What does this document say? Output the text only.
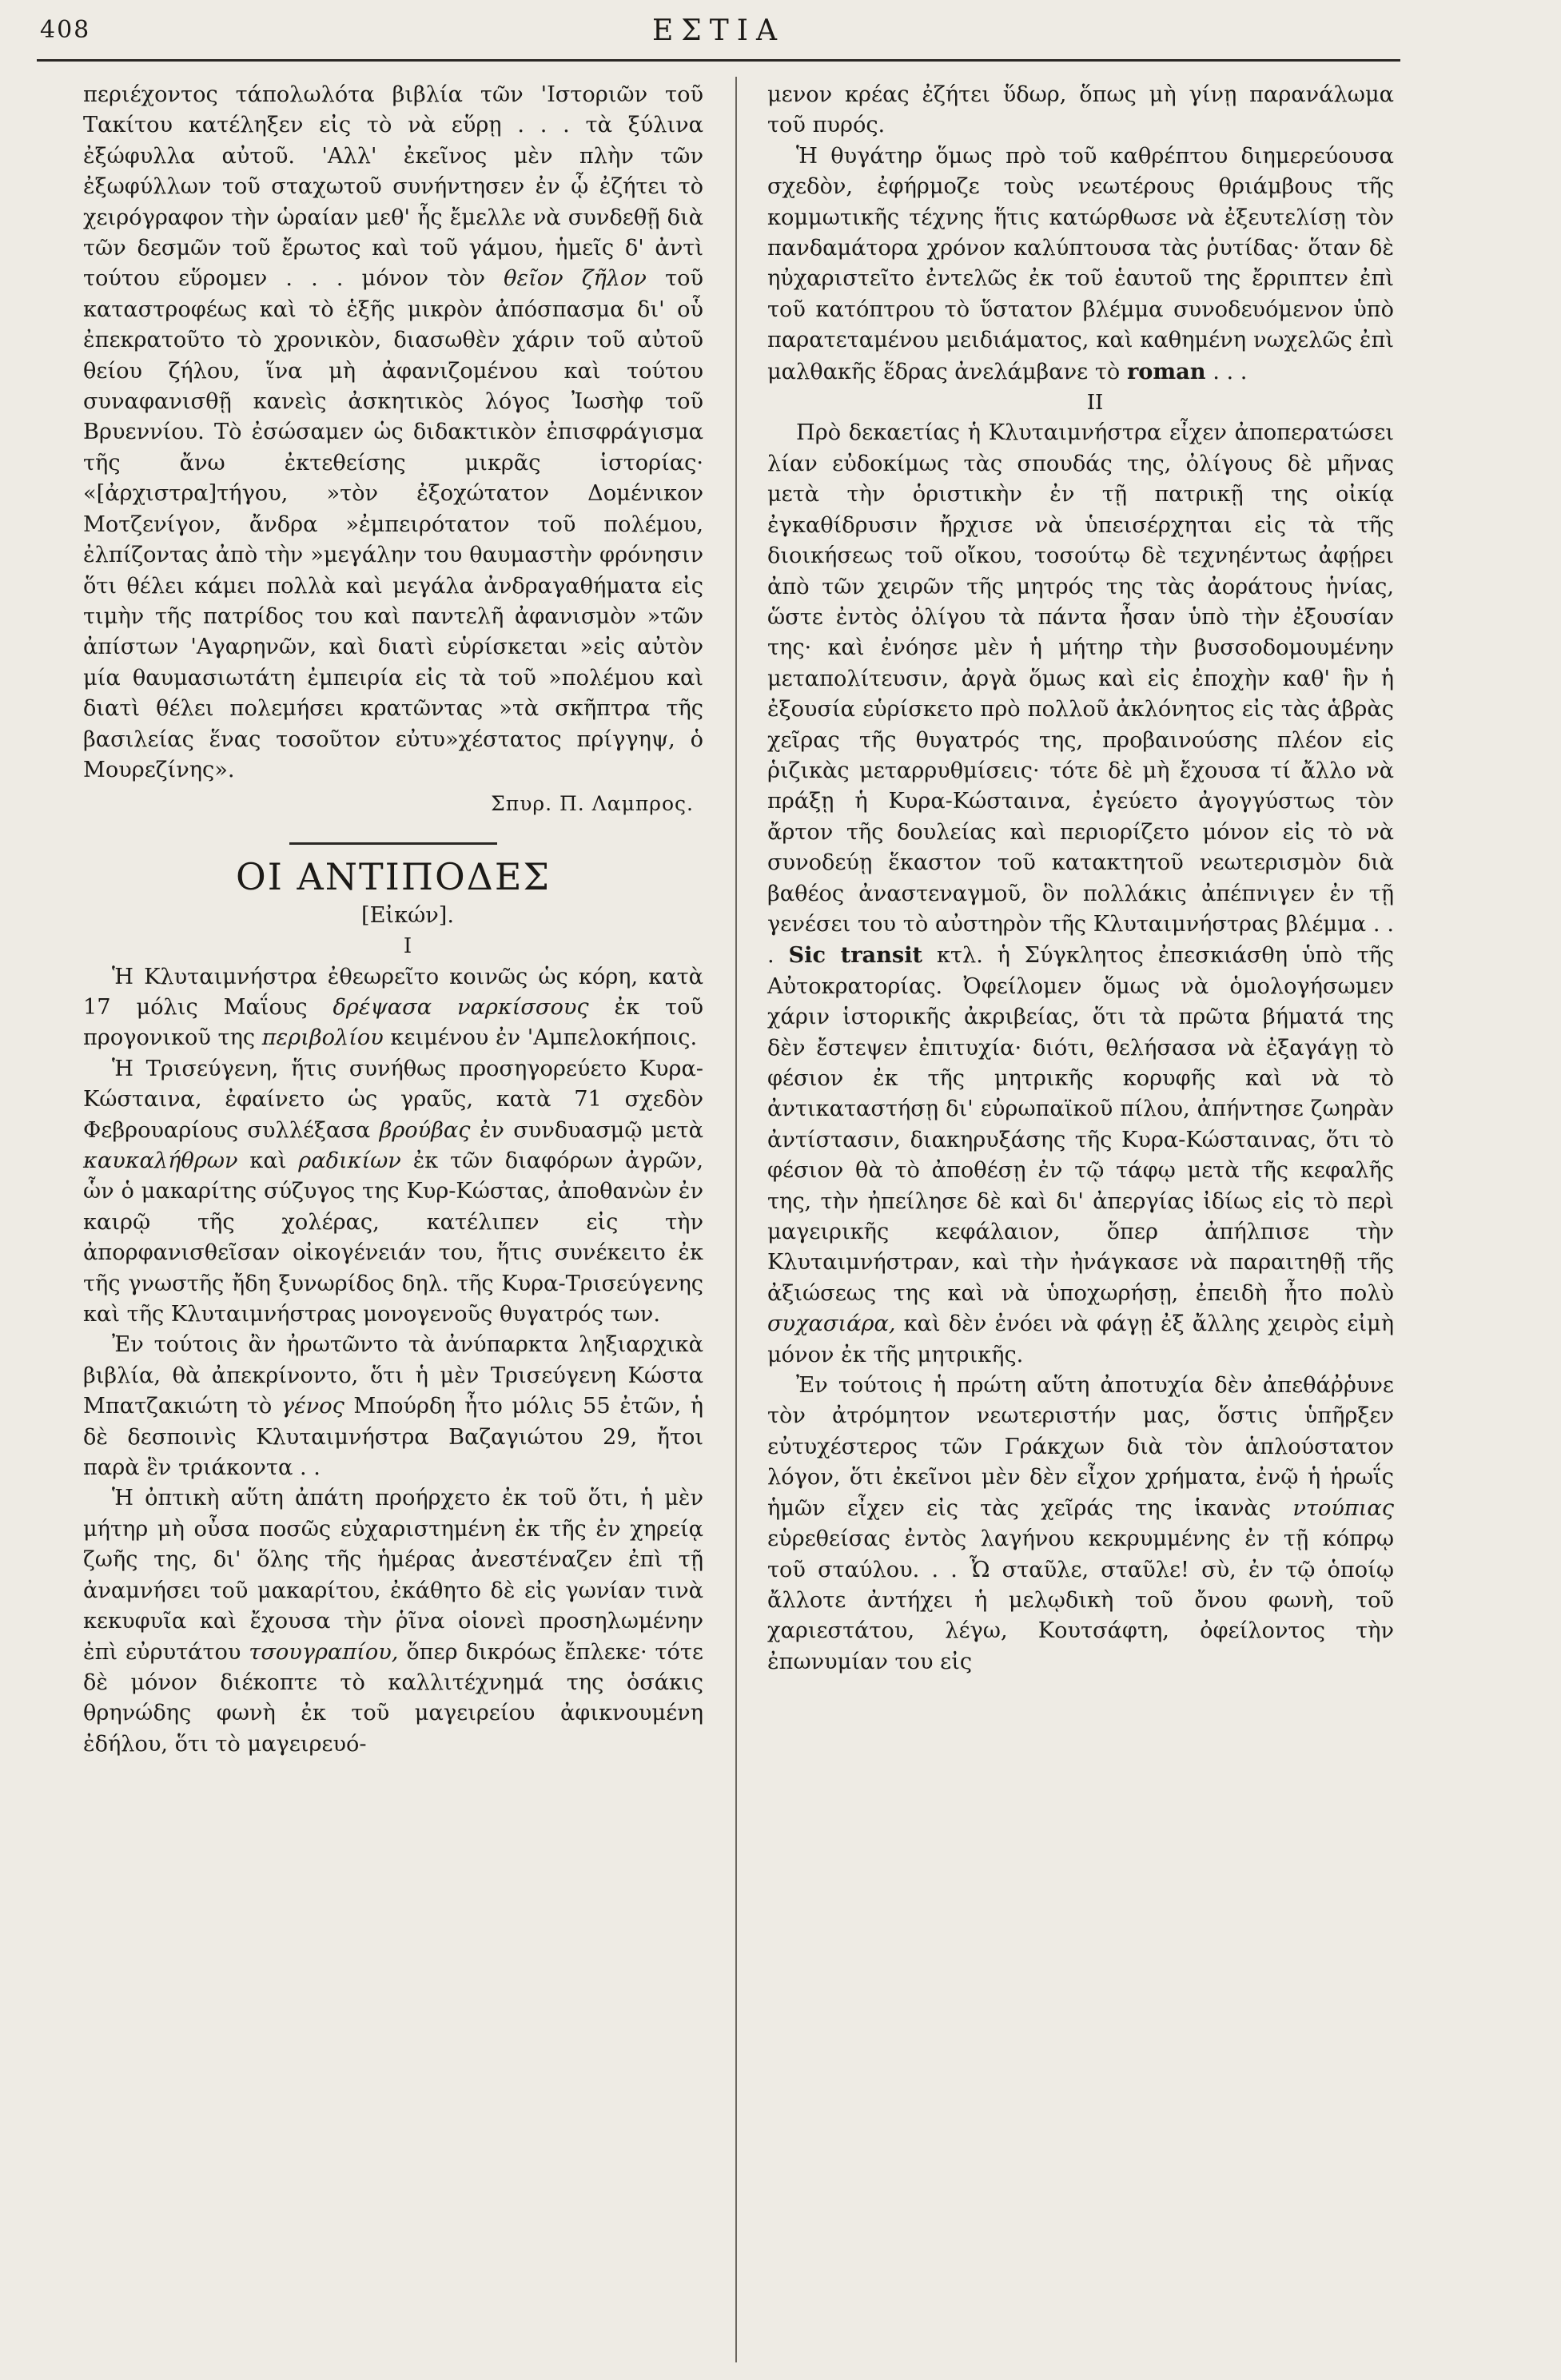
408	ΕΣΤΙΑ

περιέχοντος τάπολωλότα βιβλία τῶν 'Ιστοριῶν τοῦ Τακίτου κατέληξεν εἰς τὸ νὰ εὕρῃ . . . τὰ ξύλινα ἐξώφυλλα αὐτοῦ. 'Αλλ' ἐκεῖνος μὲν πλὴν τῶν ἐξωφύλλων τοῦ σταχωτοῦ συνήντησεν ἐν ᾧ ἐζήτει τὸ χειρόγραφον τὴν ὡραίαν μεθ' ἧς ἔμελλε νὰ συνδεθῇ διὰ τῶν δεσμῶν τοῦ ἔρωτος καὶ τοῦ γάμου, ἡμεῖς δ' ἀντὶ τούτου εὕρομεν . . . μόνον τὸν θεῖον ζῆλον τοῦ καταστροφέως καὶ τὸ ἑξῆς μικρὸν ἀπόσπασμα δι' οὗ ἐπεκρατοῦτο τὸ χρονικὸν, διασωθὲν χάριν τοῦ αὐτοῦ θείου ζήλου, ἵνα μὴ ἀφανιζομένου καὶ τούτου συναφανισθῇ κανεὶς ἀσκητικὸς λόγος Ἰωσὴφ τοῦ Βρυεννίου. Τὸ ἐσώσαμεν ὡς διδακτικὸν ἐπισφράγισμα τῆς ἄνω ἐκτεθείσης μικρᾶς ἱστορίας· «[ἀρχιστρα]τήγου, »τὸν ἐξοχώτατον Δομένικον Μοτζενίγον, ἄνδρα »ἐμπειρότατον τοῦ πολέμου, ἐλπίζοντας ἀπὸ τὴν »μεγάλην του θαυμαστὴν φρόνησιν ὅτι θέλει κάμει πολλὰ καὶ μεγάλα ἀνδραγαθήματα εἰς τιμὴν τῆς πατρίδος του καὶ παντελῆ ἀφανισμὸν »τῶν ἀπίστων 'Αγαρηνῶν, καὶ διατὶ εὑρίσκεται »εἰς αὐτὸν μία θαυμασιωτάτη ἐμπειρία εἰς τὰ τοῦ »πολέμου καὶ διατὶ θέλει πολεμήσει κρατῶντας »τὰ σκῆπτρα τῆς βασιλείας ἕνας τοσοῦτον εὐτυ»χέστατος πρίγγηψ, ὁ Μουρεζίνης».

Σπυρ. Π. Λαμπρος.
ΟΙ ΑΝΤΙΠΟΔΕΣ

[Εἰκών].

Ι

Ἡ Κλυταιμνήστρα ἐθεωρεῖτο κοινῶς ὡς κόρη, κατὰ 17 μόλις Μαΐους δρέψασα ναρκίσσους ἐκ τοῦ προγονικοῦ της περιβολίου κειμένου ἐν 'Αμπελοκήποις.

Ἡ Τρισεύγενη, ἥτις συνήθως προσηγορεύετο Κυρα-Κώσταινα, ἐφαίνετο ὡς γραῦς, κατὰ 71 σχεδὸν Φεβρουαρίους συλλέξασα βρούβας ἐν συνδυασμῷ μετὰ καυκαλήθρων καὶ ραδικίων ἐκ τῶν διαφόρων ἀγρῶν, ὧν ὁ μακαρίτης σύζυγος της Κυρ-Κώστας, ἀποθανὼν ἐν καιρῷ τῆς χολέρας, κατέλιπεν εἰς τὴν ἀπορφανισθεῖσαν οἰκογένειάν του, ἥτις συνέκειτο ἐκ τῆς γνωστῆς ἤδη ξυνωρίδος δηλ. τῆς Κυρα-Τρισεύγενης καὶ τῆς Κλυταιμνήστρας μονογενοῦς θυγατρός των.

Ἐν τούτοις ἂν ἠρωτῶντο τὰ ἀνύπαρκτα ληξιαρχικὰ βιβλία, θὰ ἀπεκρίνοντο, ὅτι ἡ μὲν Τρισεύγενη Κώστα Μπατζακιώτη τὸ γένος Μπούρδη ἦτο μόλις 55 ἐτῶν, ἡ δὲ δεσποινὶς Κλυταιμνήστρα Βαζαγιώτου 29, ἤτοι παρὰ ἓν τριάκοντα . .

Ἡ ὀπτικὴ αὕτη ἀπάτη προήρχετο ἐκ τοῦ ὅτι, ἡ μὲν μήτηρ μὴ οὖσα ποσῶς εὐχαριστημένη ἐκ τῆς ἐν χηρείᾳ ζωῆς της, δι' ὅλης τῆς ἡμέρας ἀνεστέναζεν ἐπὶ τῇ ἀναμνήσει τοῦ μακαρίτου, ἐκάθητο δὲ εἰς γωνίαν τινὰ κεκυφυῖα καὶ ἔχουσα τὴν ῥῖνα οἱονεὶ προσηλωμένην ἐπὶ εὐρυτάτου τσουγραπίου, ὅπερ δικρόως ἔπλεκε· τότε δὲ μόνον διέκοπτε τὸ καλλιτέχνημά της ὁσάκις θρηνώδης φωνὴ ἐκ τοῦ μαγειρείου ἀφικνουμένη ἐδήλου, ὅτι τὸ μαγειρευό-

μενον κρέας ἐζήτει ὕδωρ, ὅπως μὴ γίνῃ παρανάλωμα τοῦ πυρός.

Ἡ θυγάτηρ ὅμως πρὸ τοῦ καθρέπτου διημερεύουσα σχεδὸν, ἐφήρμοζε τοὺς νεωτέρους θριάμβους τῆς κομμωτικῆς τέχνης ἥτις κατώρθωσε νὰ ἐξευτελίσῃ τὸν πανδαμάτορα χρόνον καλύπτουσα τὰς ῥυτίδας· ὅταν δὲ ηὐχαριστεῖτο ἐντελῶς ἐκ τοῦ ἑαυτοῦ της ἔρριπτεν ἐπὶ τοῦ κατόπτρου τὸ ὕστατον βλέμμα συνοδευόμενον ὑπὸ παρατεταμένου μειδιάματος, καὶ καθημένη νωχελῶς ἐπὶ μαλθακῆς ἕδρας ἀνελάμβανε τὸ roman . . .

ΙΙ

Πρὸ δεκαετίας ἡ Κλυταιμνήστρα εἶχεν ἀποπερατώσει λίαν εὐδοκίμως τὰς σπουδάς της, ὀλίγους δὲ μῆνας μετὰ τὴν ὁριστικὴν ἐν τῇ πατρικῇ της οἰκίᾳ ἐγκαθίδρυσιν ἤρχισε νὰ ὑπεισέρχηται εἰς τὰ τῆς διοικήσεως τοῦ οἴκου, τοσούτῳ δὲ τεχνηέντως ἀφῄρει ἀπὸ τῶν χειρῶν τῆς μητρός της τὰς ἀοράτους ἡνίας, ὥστε ἐντὸς ὀλίγου τὰ πάντα ἦσαν ὑπὸ τὴν ἐξουσίαν της· καὶ ἐνόησε μὲν ἡ μήτηρ τὴν βυσσοδομουμένην μεταπολίτευσιν, ἀργὰ ὅμως καὶ εἰς ἐποχὴν καθ' ἣν ἡ ἐξουσία εὑρίσκετο πρὸ πολλοῦ ἀκλόνητος εἰς τὰς ἁβρὰς χεῖρας τῆς θυγατρός της, προβαινούσης πλέον εἰς ῥιζικὰς μεταρρυθμίσεις· τότε δὲ μὴ ἔχουσα τί ἄλλο νὰ πράξῃ ἡ Κυρα-Κώσταινα, ἐγεύετο ἀγογγύστως τὸν ἄρτον τῆς δουλείας καὶ περιορίζετο μόνον εἰς τὸ νὰ συνοδεύῃ ἕκαστον τοῦ κατακτητοῦ νεωτερισμὸν διὰ βαθέος ἀναστεναγμοῦ, ὃν πολλάκις ἀπέπνιγεν ἐν τῇ γενέσει του τὸ αὐστηρὸν τῆς Κλυταιμνήστρας βλέμμα . . . Sic transit κτλ. ἡ Σύγκλητος ἐπεσκιάσθη ὑπὸ τῆς Αὐτοκρατορίας. Ὀφείλομεν ὅμως νὰ ὁμολογήσωμεν χάριν ἱστορικῆς ἀκριβείας, ὅτι τὰ πρῶτα βήματά της δὲν ἔστεψεν ἐπιτυχία· διότι, θελήσασα νὰ ἐξαγάγῃ τὸ φέσιον ἐκ τῆς μητρικῆς κορυφῆς καὶ νὰ τὸ ἀντικαταστήσῃ δι' εὐρωπαϊκοῦ πίλου, ἀπήντησε ζωηρὰν ἀντίστασιν, διακηρυξάσης τῆς Κυρα-Κώσταινας, ὅτι τὸ φέσιον θὰ τὸ ἀποθέσῃ ἐν τῷ τάφῳ μετὰ τῆς κεφαλῆς της, τὴν ἠπείλησε δὲ καὶ δι' ἀπεργίας ἰδίως εἰς τὸ περὶ μαγειρικῆς κεφάλαιον, ὅπερ ἀπήλπισε τὴν Κλυταιμνήστραν, καὶ τὴν ἠνάγκασε νὰ παραιτηθῇ τῆς ἀξιώσεως της καὶ νὰ ὑποχωρήσῃ, ἐπειδὴ ἦτο πολὺ συχασιάρα, καὶ δὲν ἐνόει νὰ φάγῃ ἐξ ἄλλης χειρὸς εἰμὴ μόνον ἐκ τῆς μητρικῆς.

Ἐν τούτοις ἡ πρώτη αὕτη ἀποτυχία δὲν ἀπεθάῤῥυνε τὸν ἀτρόμητον νεωτεριστήν μας, ὅστις ὑπῆρξεν εὐτυχέστερος τῶν Γράκχων διὰ τὸν ἁπλούστατον λόγον, ὅτι ἐκεῖνοι μὲν δὲν εἶχον χρήματα, ἐνῷ ἡ ἡρωΐς ἡμῶν εἶχεν εἰς τὰς χεῖράς της ἱκανὰς ντούπιας εὑρεθείσας ἐντὸς λαγήνου κεκρυμμένης ἐν τῇ κόπρῳ τοῦ σταύλου. . . Ὦ σταῦλε, σταῦλε! σὺ, ἐν τῷ ὁποίῳ ἄλλοτε ἀντήχει ἡ μελῳδικὴ τοῦ ὄνου φωνὴ, τοῦ χαριεστάτου, λέγω, Κουτσάφτη, ὀφείλοντος τὴν ἐπωνυμίαν του εἰς
